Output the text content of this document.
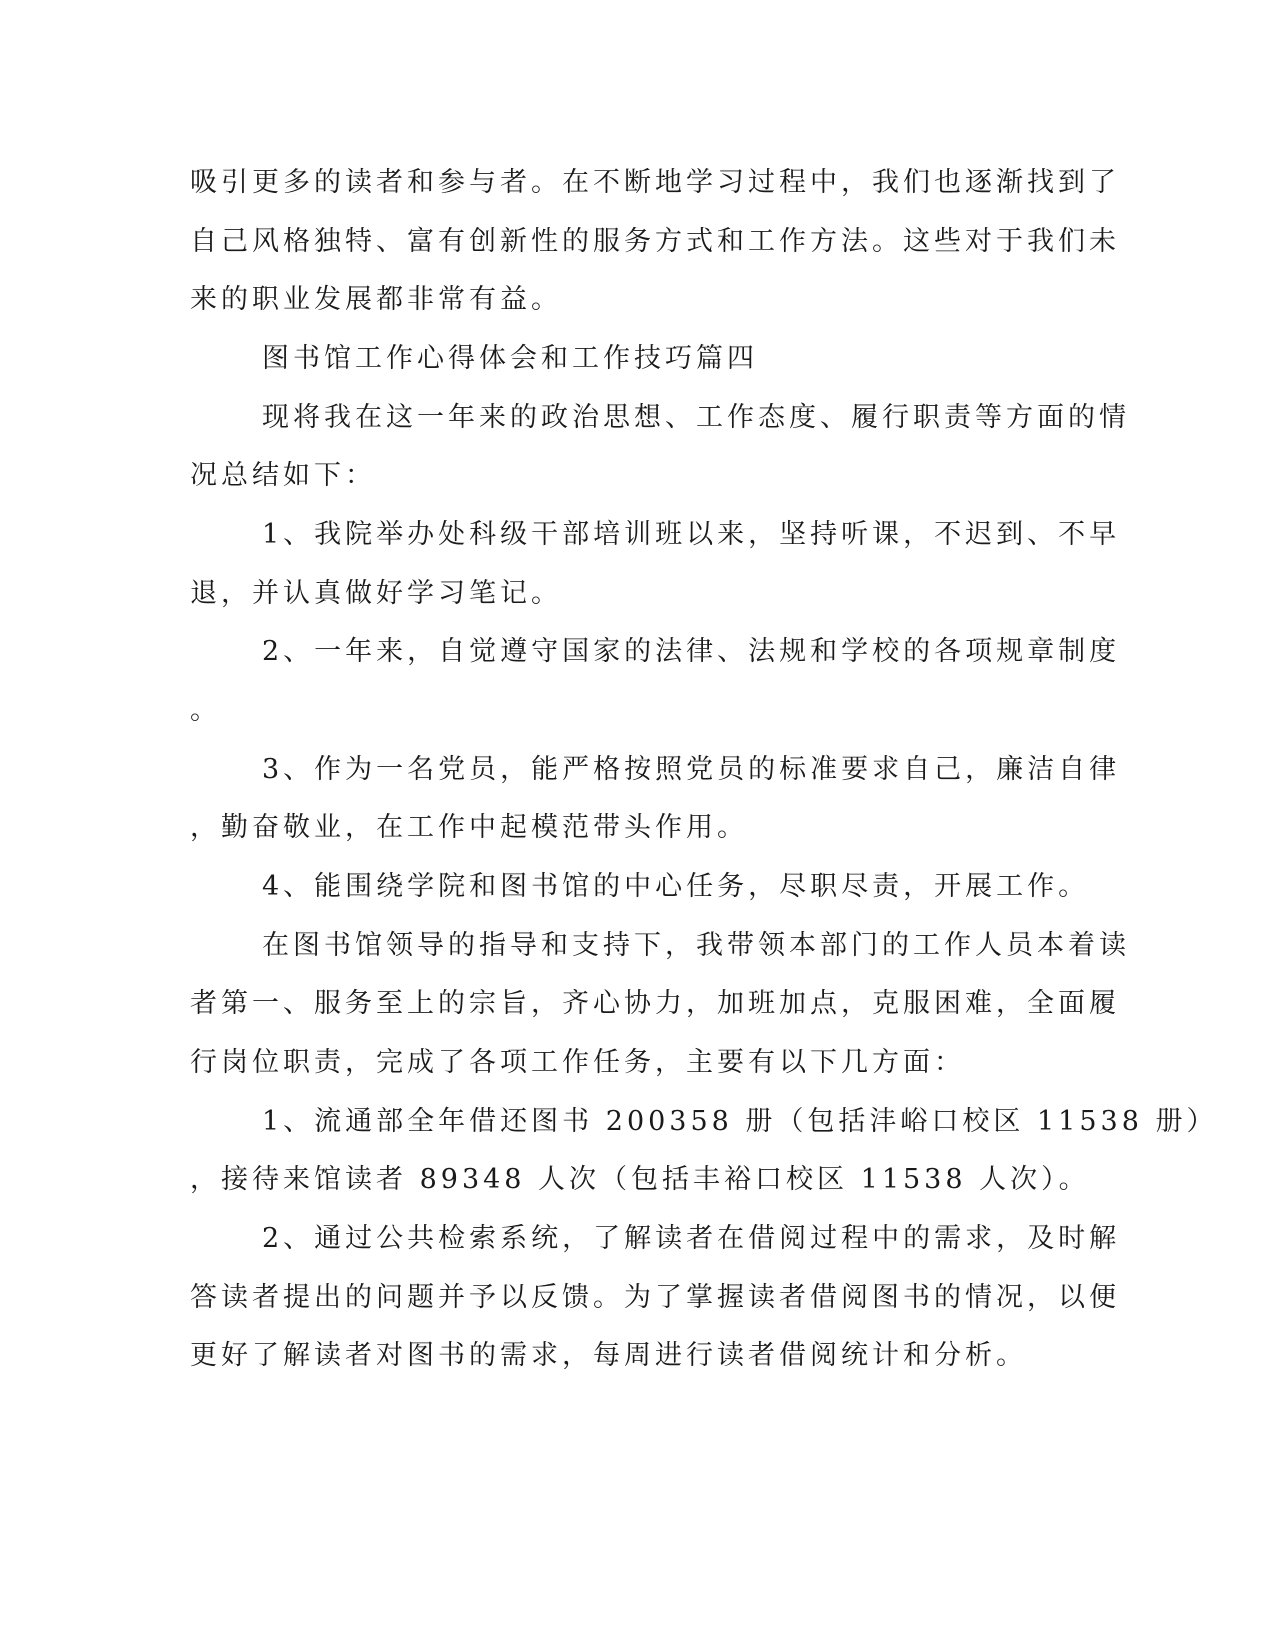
吸引更多的读者和参与者。在不断地学习过程中，我们也逐渐找到了
自己风格独特、富有创新性的服务方式和工作方法。这些对于我们未
来的职业发展都非常有益。
图书馆工作心得体会和工作技巧篇四
现将我在这一年来的政治思想、工作态度、履行职责等方面的情
况总结如下：
1、我院举办处科级干部培训班以来，坚持听课，不迟到、不早
退，并认真做好学习笔记。
2、一年来，自觉遵守国家的法律、法规和学校的各项规章制度
。
3、作为一名党员，能严格按照党员的标准要求自己，廉洁自律
，勤奋敬业，在工作中起模范带头作用。
4、能围绕学院和图书馆的中心任务，尽职尽责，开展工作。
在图书馆领导的指导和支持下，我带领本部门的工作人员本着读
者第一、服务至上的宗旨，齐心协力，加班加点，克服困难，全面履
行岗位职责，完成了各项工作任务，主要有以下几方面：
1、流通部全年借还图书 200358 册（包括沣峪口校区 11538 册）
，接待来馆读者 89348 人次（包括丰裕口校区 11538 人次）。
2、通过公共检索系统，了解读者在借阅过程中的需求，及时解
答读者提出的问题并予以反馈。为了掌握读者借阅图书的情况，以便
更好了解读者对图书的需求，每周进行读者借阅统计和分析。
